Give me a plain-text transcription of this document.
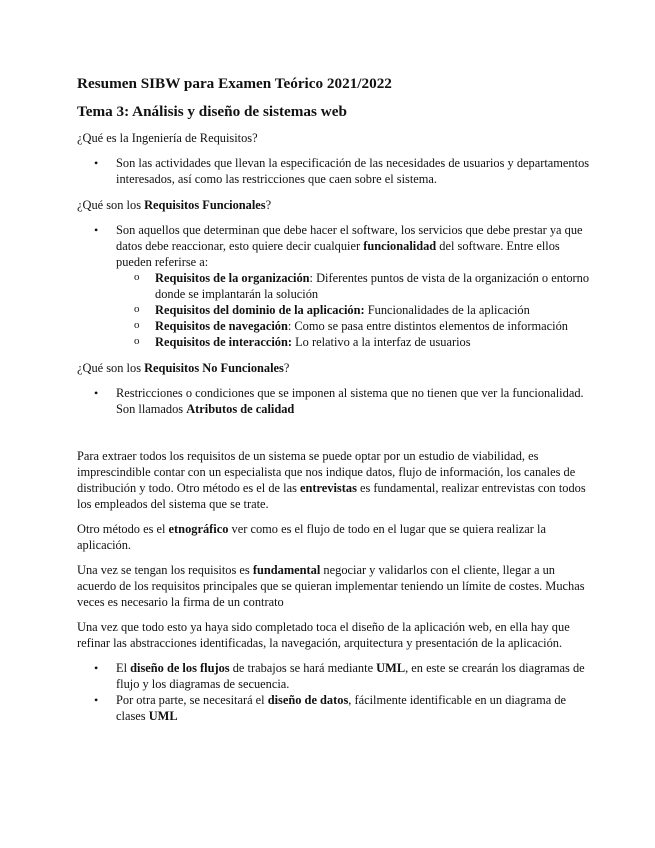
Resumen SIBW para Examen Teórico 2021/2022
Tema 3: Análisis y diseño de sistemas web

¿Qué es la Ingeniería de Requisitos?

• Son las actividades que llevan la especificación de las necesidades de usuarios y departamentos interesados, así como las restricciones que caen sobre el sistema.

¿Qué son los Requisitos Funcionales?

• Son aquellos que determinan que debe hacer el software, los servicios que debe prestar ya que datos debe reaccionar, esto quiere decir cualquier funcionalidad del software. Entre ellos pueden referirse a:
o Requisitos de la organización: Diferentes puntos de vista de la organización o entorno donde se implantarán la solución
o Requisitos del dominio de la aplicación: Funcionalidades de la aplicación
o Requisitos de navegación: Como se pasa entre distintos elementos de información
o Requisitos de interacción: Lo relativo a la interfaz de usuarios

¿Qué son los Requisitos No Funcionales?

• Restricciones o condiciones que se imponen al sistema que no tienen que ver la funcionalidad. Son llamados Atributos de calidad

Para extraer todos los requisitos de un sistema se puede optar por un estudio de viabilidad, es imprescindible contar con un especialista que nos indique datos, flujo de información, los canales de distribución y todo. Otro método es el de las entrevistas es fundamental, realizar entrevistas con todos los empleados del sistema que se trate.

Otro método es el etnográfico ver como es el flujo de todo en el lugar que se quiera realizar la aplicación.

Una vez se tengan los requisitos es fundamental negociar y validarlos con el cliente, llegar a un acuerdo de los requisitos principales que se quieran implementar teniendo un límite de costes. Muchas veces es necesario la firma de un contrato

Una vez que todo esto ya haya sido completado toca el diseño de la aplicación web, en ella hay que refinar las abstracciones identificadas, la navegación, arquitectura y presentación de la aplicación.

• El diseño de los flujos de trabajos se hará mediante UML, en este se crearán los diagramas de flujo y los diagramas de secuencia.
• Por otra parte, se necesitará el diseño de datos, fácilmente identificable en un diagrama de clases UML
